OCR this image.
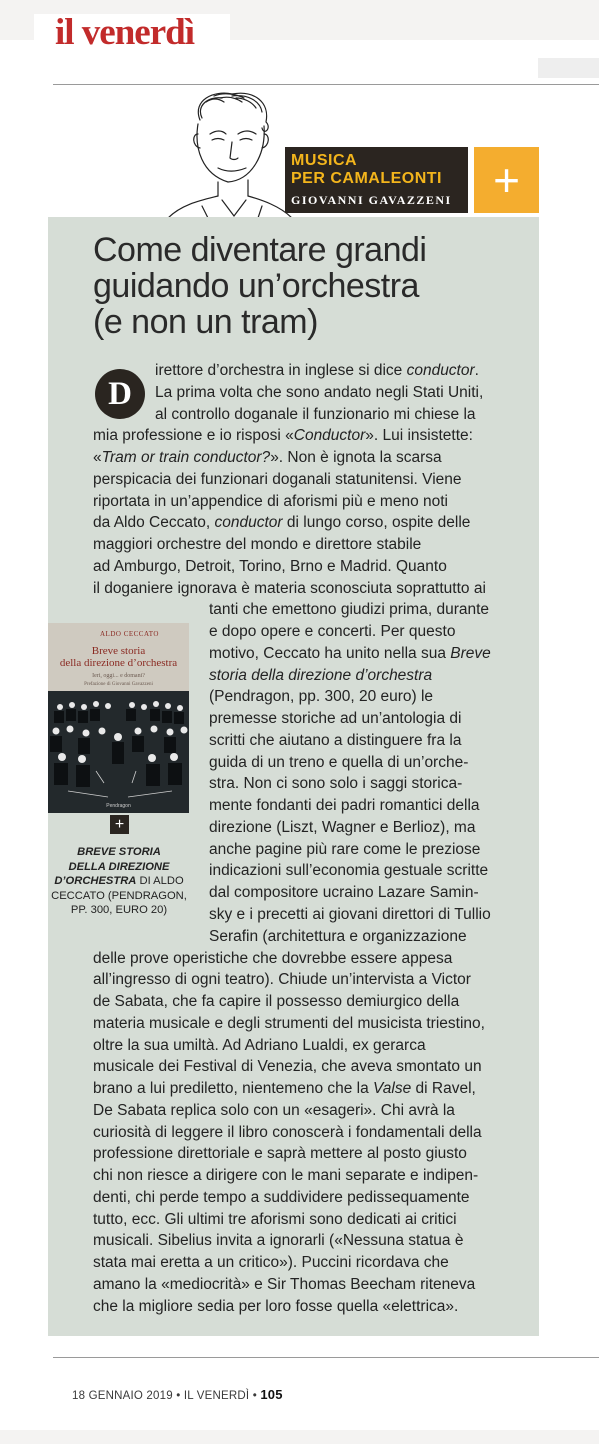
il venerdì
MUSICA
PER CAMALEONTI
GIOVANNI GAVAZZENI +
Come diventare grandi
guidando un’orchestra
(e non un tram)
D
irettore d’orchestra in inglese si dice conductor.
La prima volta che sono andato negli Stati Uniti,
al controllo doganale il funzionario mi chiese la
mia professione e io risposi «Conductor». Lui insistette:
«Tram or train conductor?». Non è ignota la scarsa
perspicacia dei funzionari doganali statunitensi. Viene
riportata in un’appendice di aforismi più e meno noti
da Aldo Ceccato, conductor di lungo corso, ospite delle
maggiori orchestre del mondo e direttore stabile
ad Amburgo, Detroit, Torino, Brno e Madrid. Quanto
il doganiere ignorava è materia sconosciuta soprattutto ai
tanti che emettono giudizi prima, durante
e dopo opere e concerti. Per questo
motivo, Ceccato ha unito nella sua Breve
storia della direzione d’orchestra
(Pendragon, pp. 300, 20 euro) le
premesse storiche ad un’antologia di
scritti che aiutano a distinguere fra la
guida di un treno e quella di un’orche-
stra. Non ci sono solo i saggi storica-
mente fondanti dei padri romantici della
direzione (Liszt, Wagner e Berlioz), ma
anche pagine più rare come le preziose
indicazioni sull’economia gestuale scritte
dal compositore ucraino Lazare Samin-
sky e i precetti ai giovani direttori di Tullio
Serafin (architettura e organizzazione
delle prove operistiche che dovrebbe essere appesa
all’ingresso di ogni teatro). Chiude un’intervista a Victor
de Sabata, che fa capire il possesso demiurgico della
materia musicale e degli strumenti del musicista triestino,
oltre la sua umiltà. Ad Adriano Lualdi, ex gerarca
musicale dei Festival di Venezia, che aveva smontato un
brano a lui prediletto, nientemeno che la Valse di Ravel,
De Sabata replica solo con un «esageri». Chi avrà la
curiosità di leggere il libro conoscerà i fondamentali della
professione direttoriale e saprà mettere al posto giusto
chi non riesce a dirigere con le mani separate e indipen-
denti, chi perde tempo a suddividere pedissequamente
tutto, ecc. Gli ultimi tre aforismi sono dedicati ai critici
musicali. Sibelius invita a ignorarli («Nessuna statua è
stata mai eretta a un critico»). Puccini ricordava che
amano la «mediocrità» e Sir Thomas Beecham riteneva
che la migliore sedia per loro fosse quella «elettrica».
ALDO CECCATO
Breve storia
della direzione d’orchestra
Ieri, oggi... e domani?
Prefazione di Giovanni Gavazzeni
Pendragon
+
BREVE STORIA
DELLA DIREZIONE
D’ORCHESTRA DI ALDO
CECCATO (PENDRAGON,
PP. 300, EURO 20)
18 GENNAIO 2019 • IL VENERDÌ • 105
